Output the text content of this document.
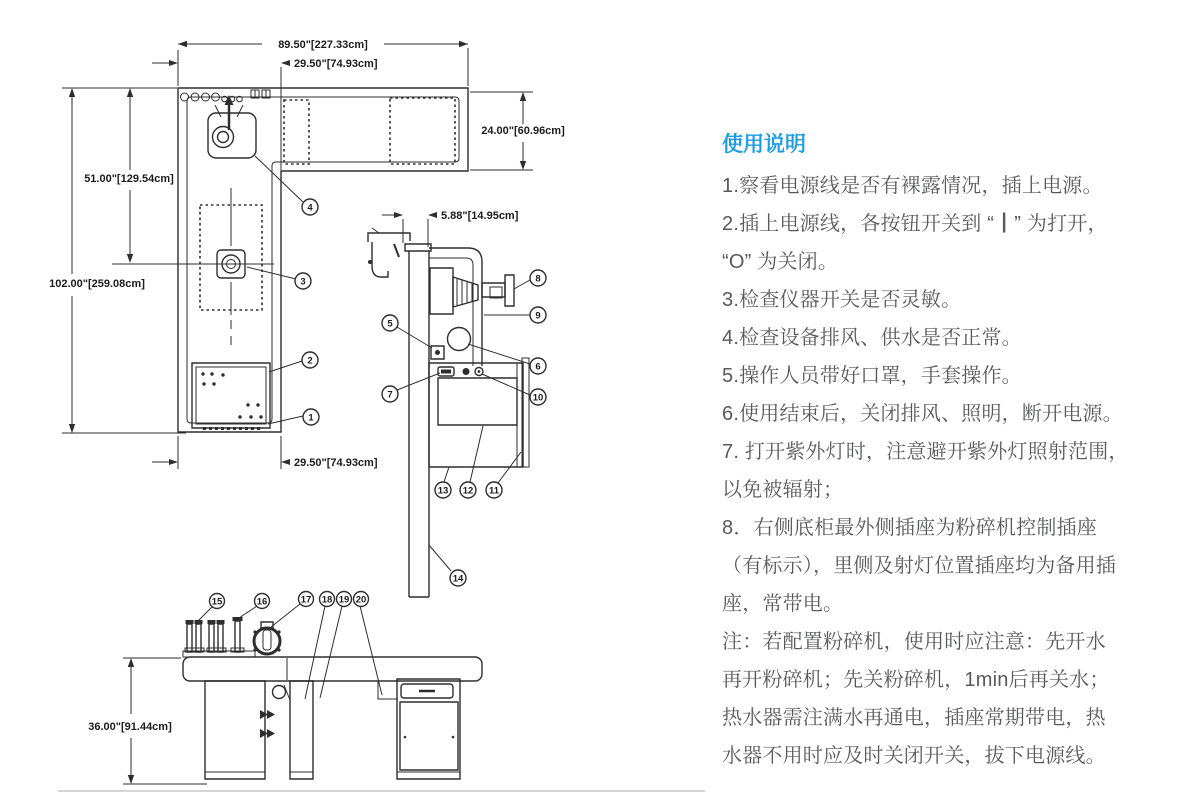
4
3
2
1
89.50"[227.33cm]
29.50"[74.93cm]
24.00"[60.96cm]
51.00"[129.54cm]
102.00"[259.08cm]
29.50"[74.93cm]
5.88"[14.95cm]
8
9
6
10
5
7
13 12 11
14
36.00"[91.44cm]
15	16	17 18 19 20
使用说明
1.察看电源线是否有裸露情况，插上电源。
2.插上电源线，各按钮开关到 “┃” 为打开，
“O” 为关闭。
3.检查仪器开关是否灵敏。
4.检查设备排风、供水是否正常。
5.操作人员带好口罩，手套操作。
6.使用结束后，关闭排风、照明，断开电源。
7. 打开紫外灯时，注意避开紫外灯照射范围，
以免被辐射；
8．右侧底柜最外侧插座为粉碎机控制插座
（有标示），里侧及射灯位置插座均为备用插
座，常带电。
注：若配置粉碎机，使用时应注意：先开水
再开粉碎机；先关粉碎机，1min后再关水；
热水器需注满水再通电，插座常期带电，热
水器不用时应及时关闭开关，拔下电源线。
